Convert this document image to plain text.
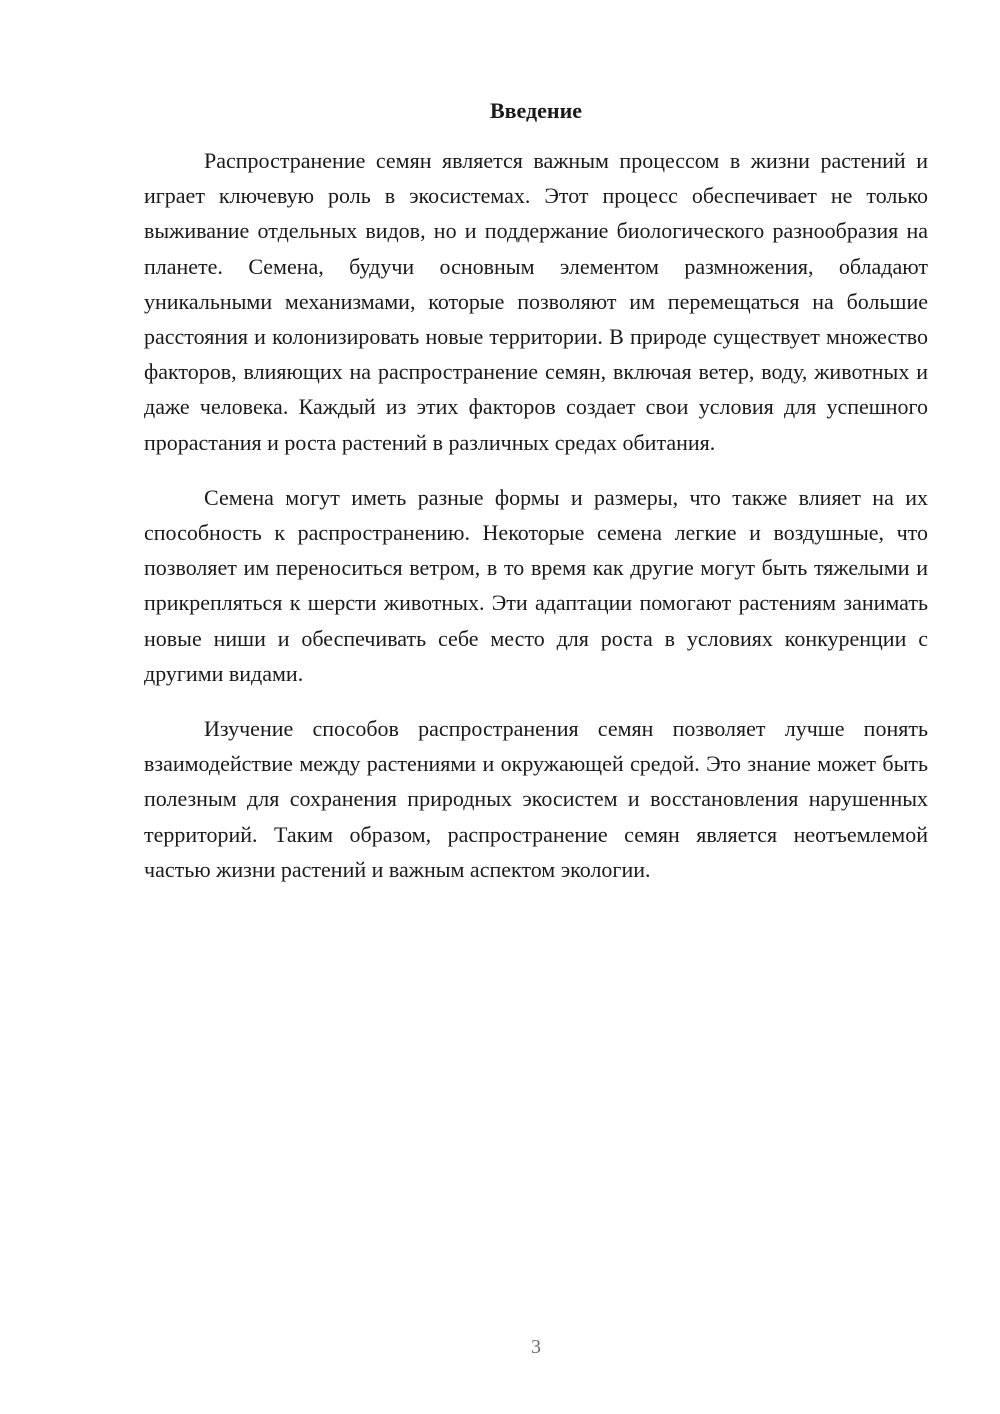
Введение

Распространение семян является важным процессом в жизни растений и играет ключевую роль в экосистемах. Этот процесс обеспечивает не только выживание отдельных видов, но и поддержание биологического разнообразия на планете. Семена, будучи основным элементом размножения, обладают уникальными механизмами, которые позволяют им перемещаться на большие расстояния и колонизировать новые территории. В природе существует множество факторов, влияющих на распространение семян, включая ветер, воду, животных и даже человека. Каждый из этих факторов создает свои условия для успешного прорастания и роста растений в различных средах обитания.

Семена могут иметь разные формы и размеры, что также влияет на их способность к распространению. Некоторые семена легкие и воздушные, что позволяет им переноситься ветром, в то время как другие могут быть тяжелыми и прикрепляться к шерсти животных. Эти адаптации помогают растениям занимать новые ниши и обеспечивать себе место для роста в условиях конкуренции с другими видами.

Изучение способов распространения семян позволяет лучше понять взаимодействие между растениями и окружающей средой. Это знание может быть полезным для сохранения природных экосистем и восстановления нарушенных территорий. Таким образом, распространение семян является неотъемлемой частью жизни растений и важным аспектом экологии.

3
